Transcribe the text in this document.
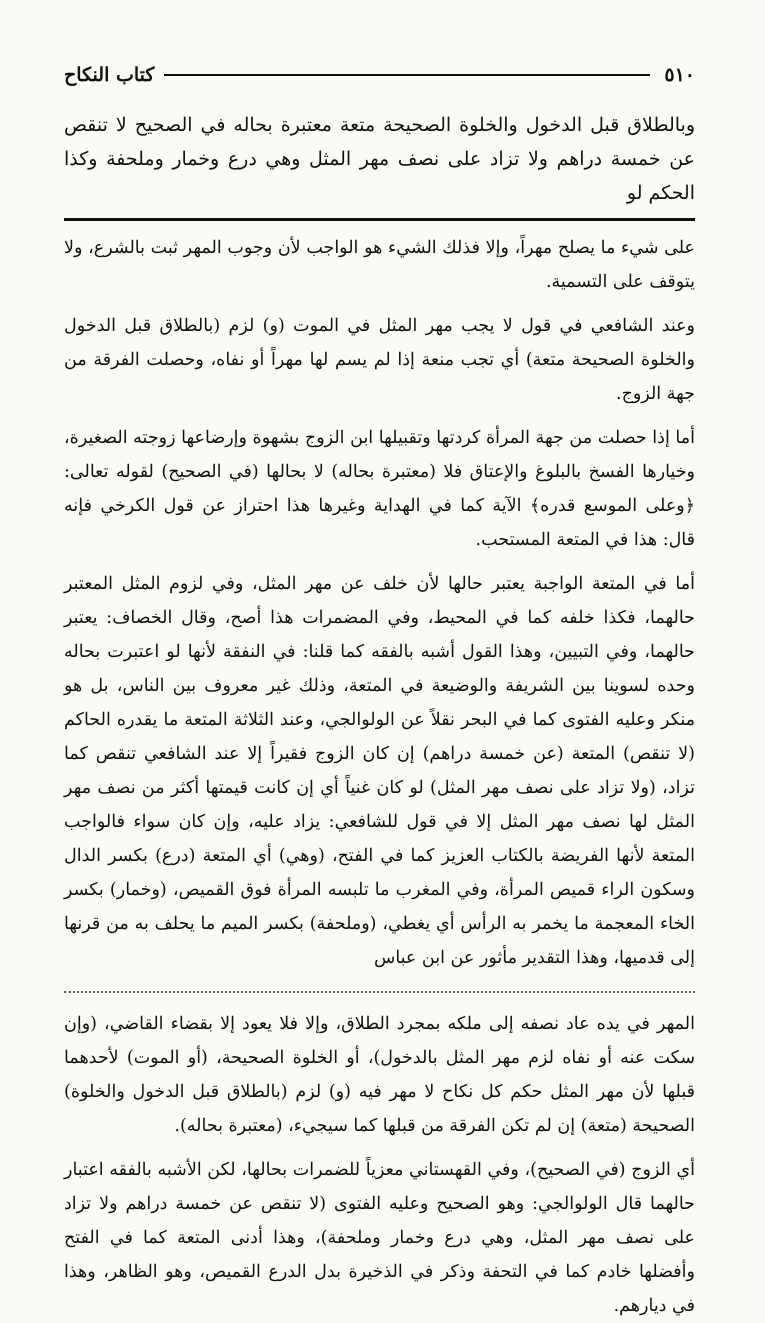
٥١٠
كتاب النكاح
وبالطلاق قبل الدخول والخلوة الصحيحة متعة معتبرة بحاله في الصحيح لا تنقص عن خمسة دراهم ولا تزاد على نصف مهر المثل وهي درع وخمار وملحفة وكذا الحكم لو

على شيء ما يصلح مهراً، وإلا فذلك الشيء هو الواجب لأن وجوب المهر ثبت بالشرع، ولا يتوقف على التسمية.

وعند الشافعي في قول لا يجب مهر المثل في الموت (و) لزم (بالطلاق قبل الدخول والخلوة الصحيحة متعة) أي تجب منعة إذا لم يسم لها مهراً أو نفاه، وحصلت الفرقة من جهة الزوج.

أما إذا حصلت من جهة المرأة كردتها وتقبيلها ابن الزوج بشهوة وإرضاعها زوجته الصغيرة، وخيارها الفسخ بالبلوغ والإعتاق فلا (معتبرة بحاله) لا بحالها (في الصحيح) لقوله تعالى: ﴿وعلى الموسع قدره﴾ الآية كما في الهداية وغيرها هذا احتراز عن قول الكرخي فإنه قال: هذا في المتعة المستحب.

أما في المتعة الواجبة يعتبر حالها لأن خلف عن مهر المثل، وفي لزوم المثل المعتبر حالهما، فكذا خلفه كما في المحيط، وفي المضمرات هذا أصح، وقال الخصاف: يعتبر حالهما، وفي التبيين، وهذا القول أشبه بالفقه كما قلنا: في النفقة لأنها لو اعتبرت بحاله وحده لسوينا بين الشريفة والوضيعة في المتعة، وذلك غير معروف بين الناس، بل هو منكر وعليه الفتوى كما في البحر نقلاً عن الولوالجي، وعند الثلاثة المتعة ما يقدره الحاكم (لا تنقص) المتعة (عن خمسة دراهم) إن كان الزوج فقيراً إلا عند الشافعي تنقص كما تزاد، (ولا تزاد على نصف مهر المثل) لو كان غنياً أي إن كانت قيمتها أكثر من نصف مهر المثل لها نصف مهر المثل إلا في قول للشافعي: يزاد عليه، وإن كان سواء فالواجب المتعة لأنها الفريضة بالكتاب العزيز كما في الفتح، (وهي) أي المتعة (درع) بكسر الدال وسكون الراء قميص المرأة، وفي المغرب ما تلبسه المرأة فوق القميص، (وخمار) بكسر الخاء المعجمة ما يخمر به الرأس أي يغطي، (وملحفة) بكسر الميم ما يحلف به من قرنها إلى قدميها، وهذا التقدير مأثور عن ابن عباس

المهر في يده عاد نصفه إلى ملكه بمجرد الطلاق، وإلا فلا يعود إلا بقضاء القاضي، (وإن سكت عنه أو نفاه لزم مهر المثل بالدخول)، أو الخلوة الصحيحة، (أو الموت) لأحدهما قبلها لأن مهر المثل حكم كل نكاح لا مهر فيه (و) لزم (بالطلاق قبل الدخول والخلوة) الصحيحة (متعة) إن لم تكن الفرقة من قبلها كما سيجيء، (معتبرة بحاله).

أي الزوج (في الصحيح)، وفي القهستاني معزياً للضمرات بحالها، لكن الأشبه بالفقه اعتبار حالهما قال الولوالجي: وهو الصحيح وعليه الفتوى (لا تنقص عن خمسة دراهم ولا تزاد على نصف مهر المثل، وهي درع وخمار وملحفة)، وهذا أدنى المتعة كما في الفتح وأفضلها خادم كما في التحفة وذكر في الذخيرة بدل الدرع القميص، وهو الظاهر، وهذا في ديارهم.
